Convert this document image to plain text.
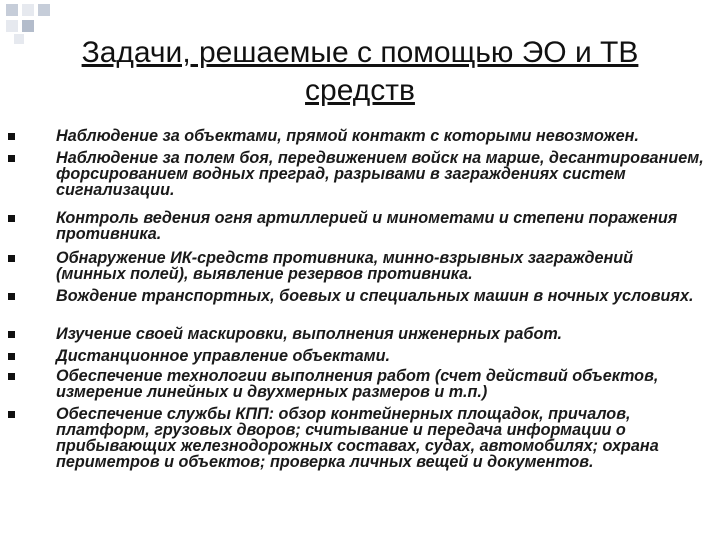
Задачи, решаемые с помощью ЭО и ТВ
средств
Наблюдение за объектами, прямой контакт с которыми невозможен.
Наблюдение за полем боя, передвижением войск на марше, десантированием, форсированием водных преград, разрывами в заграждениях систем сигнализации.
Контроль ведения огня артиллерией и минометами и степени поражения противника.
Обнаружение ИК-средств противника, минно-взрывных заграждений (минных полей), выявление резервов противника.
Вождение транспортных, боевых и специальных машин в ночных условиях.
Изучение своей маскировки, выполнения инженерных работ.
Дистанционное управление объектами.
Обеспечение технологии выполнения работ (счет действий объектов, измерение линейных и двухмерных размеров и т.п.)
Обеспечение службы КПП: обзор контейнерных площадок, причалов, платформ, грузовых дворов; считывание и передача информации о прибывающих железнодорожных составах, судах, автомобилях; охрана периметров и объектов; проверка личных вещей и документов.
